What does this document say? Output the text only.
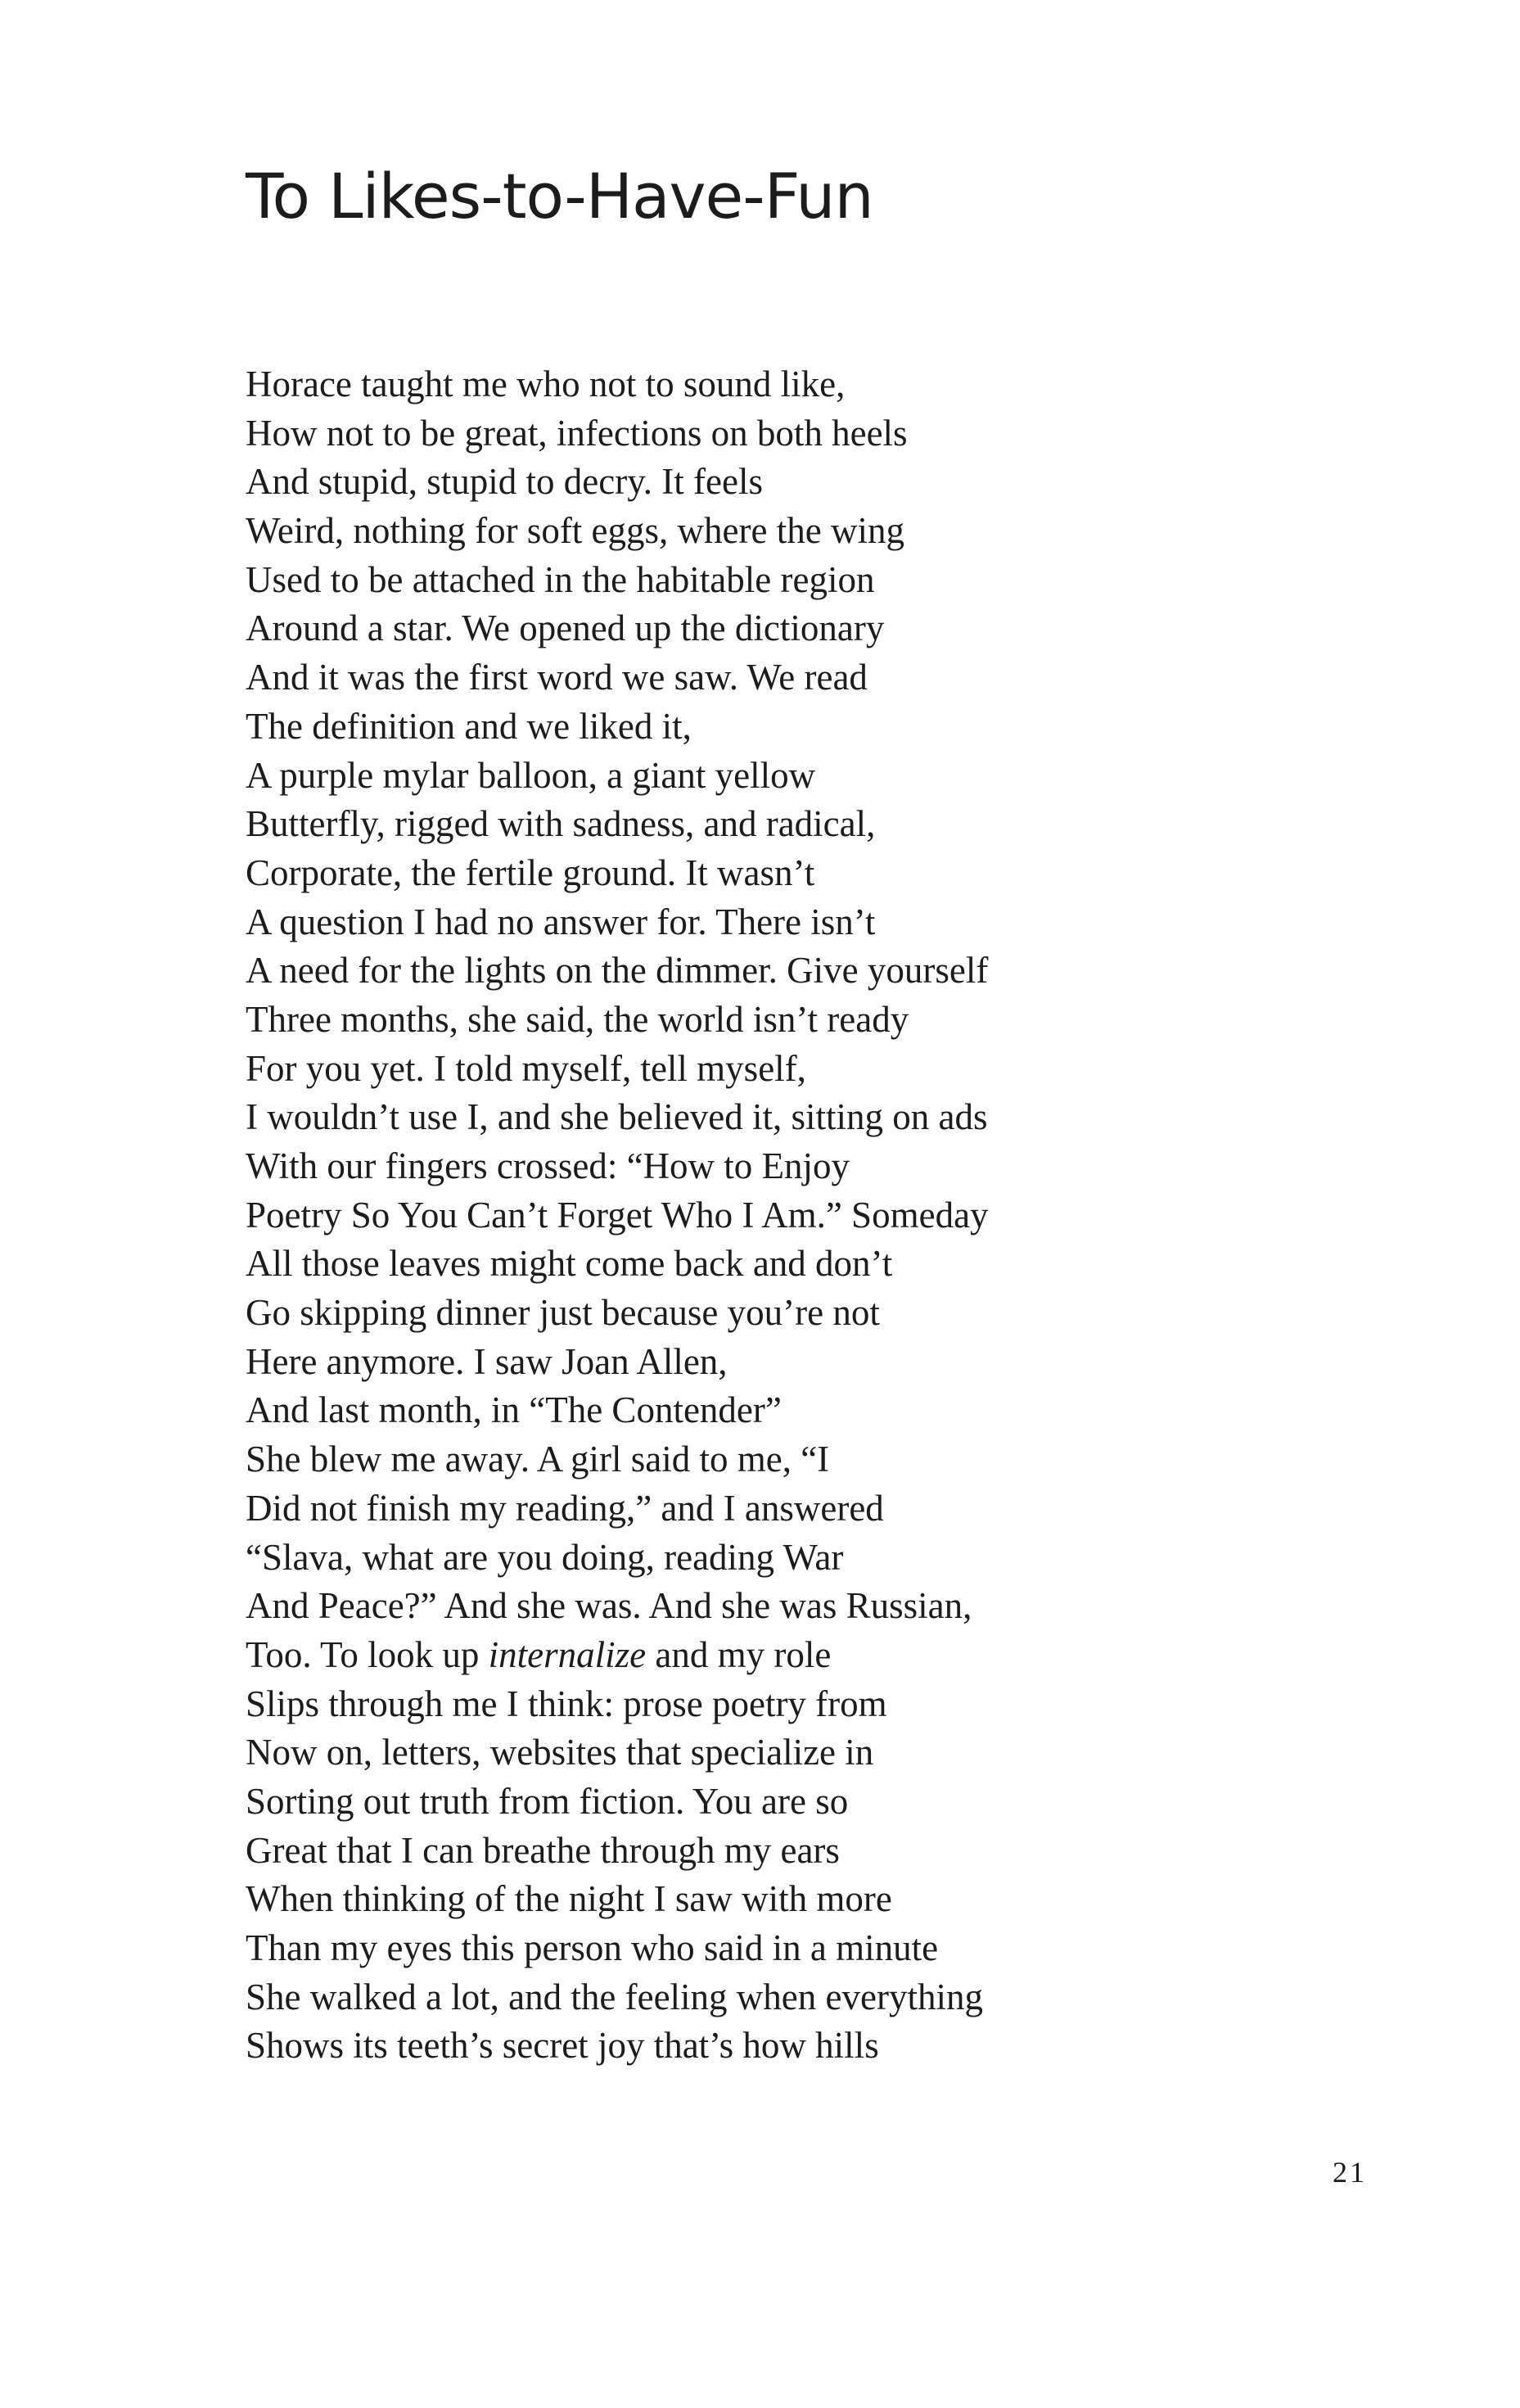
To Likes-to-Have-Fun
Horace taught me who not to sound like,
How not to be great, infections on both heels
And stupid, stupid to decry. It feels
Weird, nothing for soft eggs, where the wing
Used to be attached in the habitable region
Around a star. We opened up the dictionary
And it was the first word we saw. We read
The definition and we liked it,
A purple mylar balloon, a giant yellow
Butterfly, rigged with sadness, and radical,
Corporate, the fertile ground. It wasn’t
A question I had no answer for. There isn’t
A need for the lights on the dimmer. Give yourself
Three months, she said, the world isn’t ready
For you yet. I told myself, tell myself,
I wouldn’t use I, and she believed it, sitting on ads
With our fingers crossed: “How to Enjoy
Poetry So You Can’t Forget Who I Am.” Someday
All those leaves might come back and don’t
Go skipping dinner just because you’re not
Here anymore. I saw Joan Allen,
And last month, in “The Contender”
She blew me away. A girl said to me, “I
Did not finish my reading,” and I answered
“Slava, what are you doing, reading War
And Peace?” And she was. And she was Russian,
Too. To look up internalize and my role
Slips through me I think: prose poetry from
Now on, letters, websites that specialize in
Sorting out truth from fiction. You are so
Great that I can breathe through my ears
When thinking of the night I saw with more
Than my eyes this person who said in a minute
She walked a lot, and the feeling when everything
Shows its teeth’s secret joy that’s how hills
21
